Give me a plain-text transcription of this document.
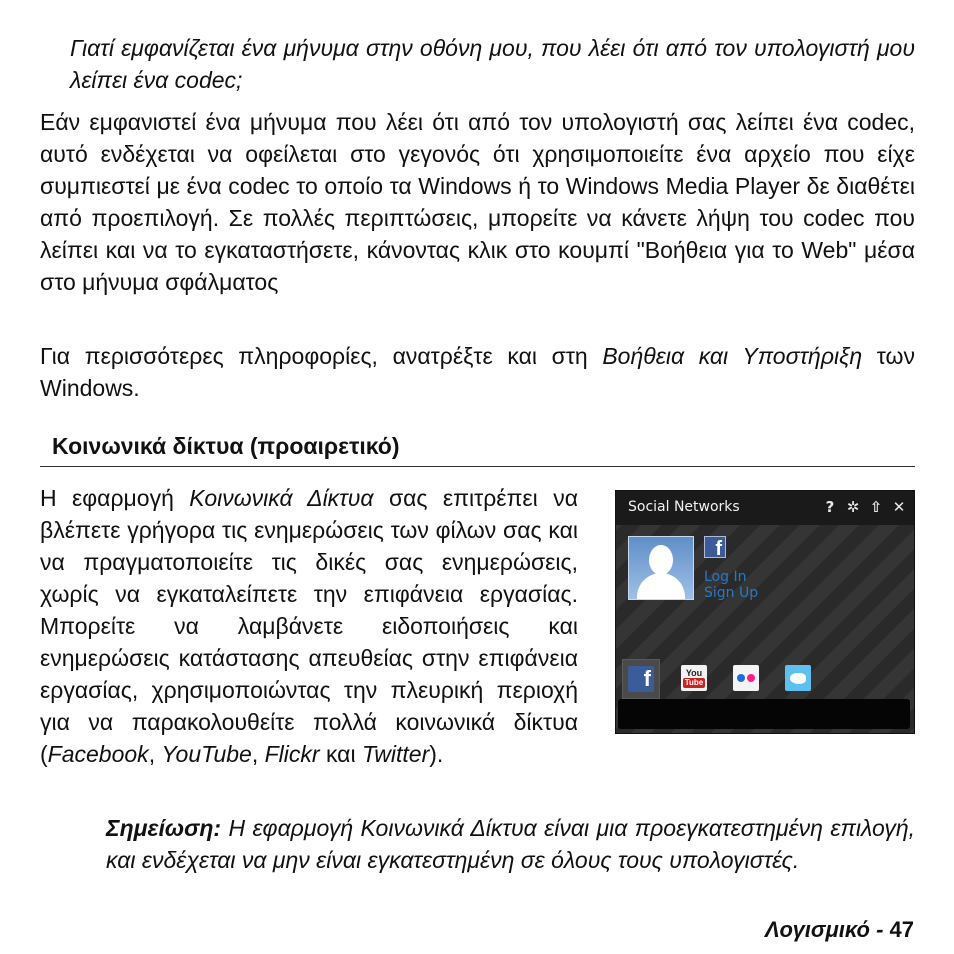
Γιατί εμφανίζεται ένα μήνυμα στην οθόνη μου, που λέει ότι από τον υπολογιστή μου λείπει ένα codec;

Εάν εμφανιστεί ένα μήνυμα που λέει ότι από τον υπολογιστή σας λείπει ένα codec, αυτό ενδέχεται να οφείλεται στο γεγονός ότι χρησιμοποιείτε ένα αρχείο που είχε συμπιεστεί με ένα codec το οποίο τα Windows ή το Windows Media Player δε διαθέτει από προεπιλογή. Σε πολλές περιπτώσεις, μπορείτε να κάνετε λήψη του codec που λείπει και να το εγκαταστήσετε, κάνοντας κλικ στο κουμπί "Βοήθεια για το Web" μέσα στο μήνυμα σφάλματος

Για περισσότερες πληροφορίες, ανατρέξτε και στη Βοήθεια και Υποστήριξη των Windows.

Κοινωνικά δίκτυα (προαιρετικό)

Η εφαρμογή Κοινωνικά Δίκτυα σας επιτρέπει να βλέπετε γρήγορα τις ενημερώσεις των φίλων σας και να πραγματοποιείτε τις δικές σας ενημερώσεις, χωρίς να εγκαταλείπετε την επιφάνεια εργασίας. Μπορείτε να λαμβάνετε ειδοποιήσεις και ενημερώσεις κατάστασης απευθείας στην επιφάνεια εργασίας, χρησιμοποιώντας την πλευρική περιοχή για να παρακολουθείτε πολλά κοινωνικά δίκτυα (Facebook, YouTube, Flickr και Twitter).

Social Networks	? ✲ ⇧ ✕
f
Log In
Sign Up
f	You
Tube

Σημείωση: Η εφαρμογή Κοινωνικά Δίκτυα είναι μια προεγκατεστημένη επιλογή, και ενδέχεται να μην είναι εγκατεστημένη σε όλους τους υπολογιστές.

Λογισμικό - 47
